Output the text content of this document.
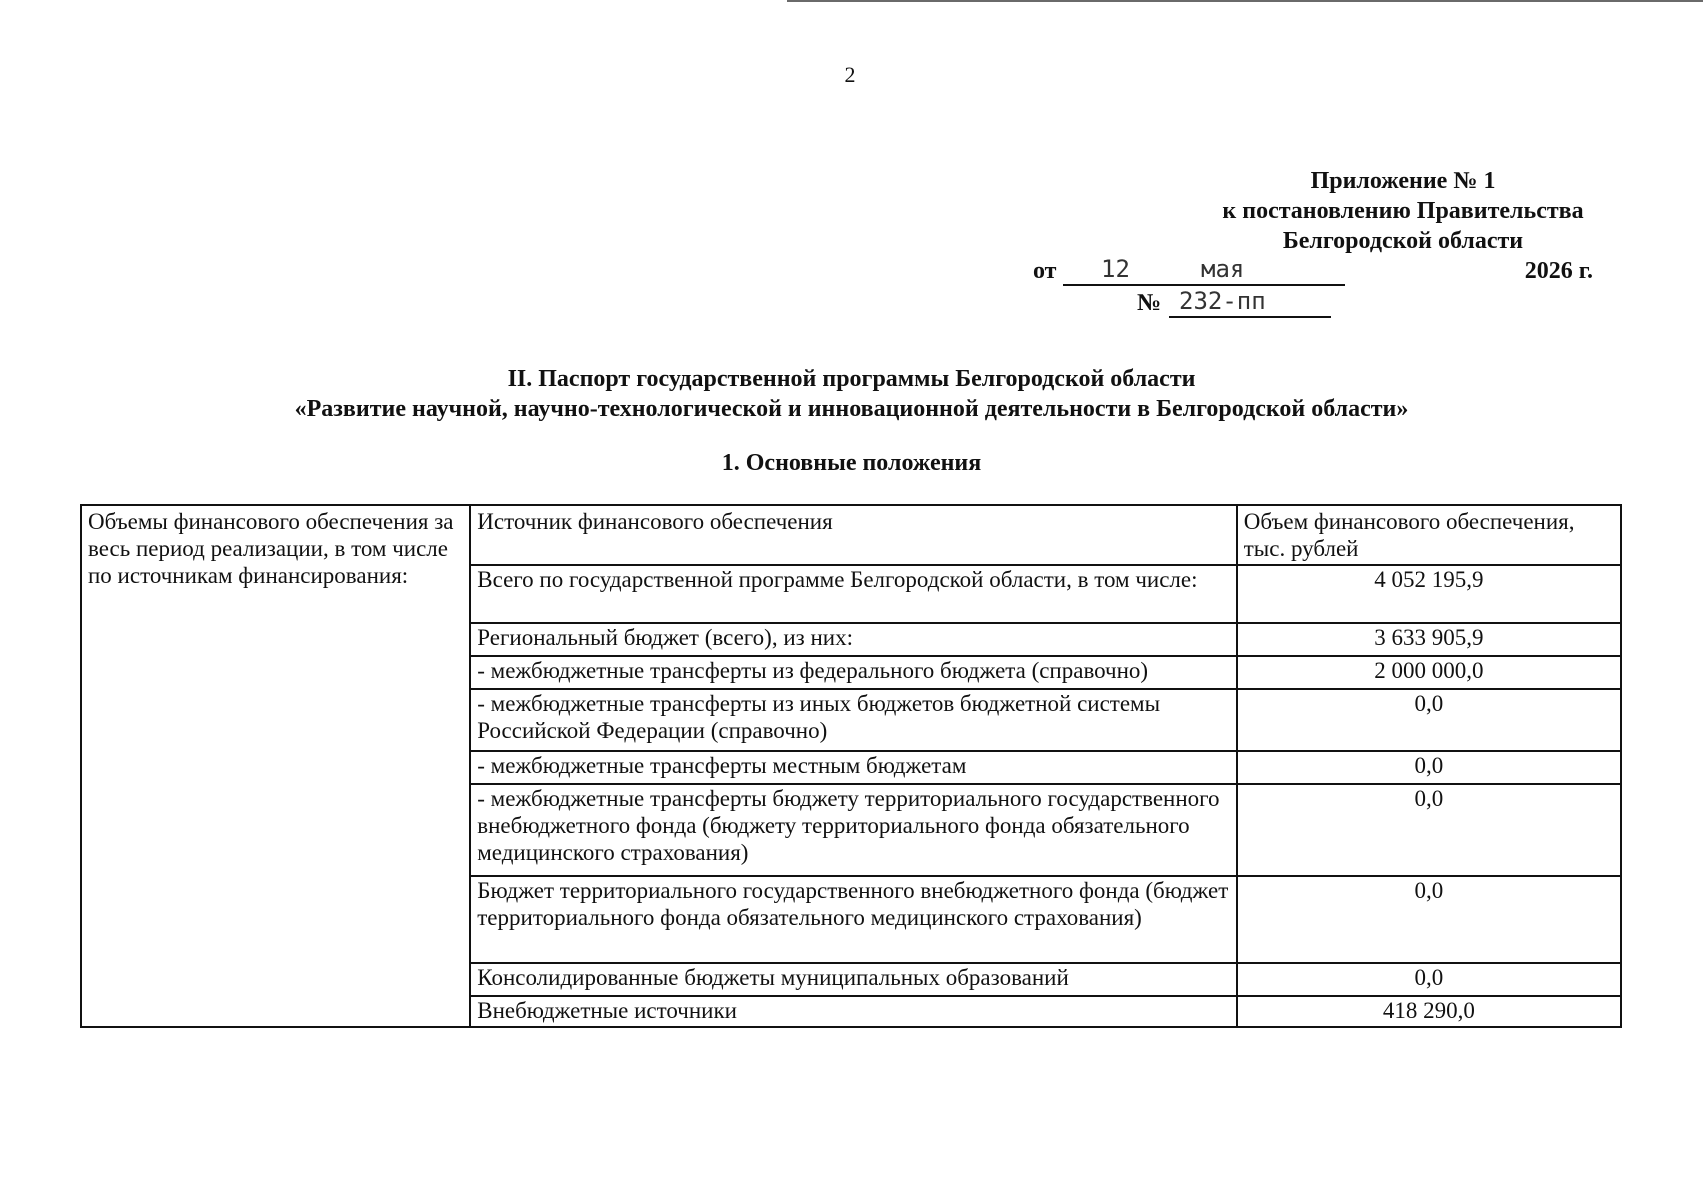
2
Приложение № 1
к постановлению Правительства
Белгородской области
от 12	мая	2026 г.
№ 232-пп
II. Паспорт государственной программы Белгородской области
«Развитие научной, научно-технологической и инновационной деятельности в Белгородской области»
1. Основные положения
Объемы финансового обеспечения за весь период реализации, в том числе по источникам финансирования:	Источник финансового обеспечения	Объем финансового обеспечения, тыс. рублей
	Всего по государственной программе Белгородской области, в том числе:	4 052 195,9
	Региональный бюджет (всего), из них:	3 633 905,9
	- межбюджетные трансферты из федерального бюджета (справочно)	2 000 000,0
	- межбюджетные трансферты из иных бюджетов бюджетной системы Российской Федерации (справочно)	0,0
	- межбюджетные трансферты местным бюджетам	0,0
	- межбюджетные трансферты бюджету территориального государственного внебюджетного фонда (бюджету территориального фонда обязательного медицинского страхования)	0,0
	Бюджет территориального государственного внебюджетного фонда (бюджет территориального фонда обязательного медицинского страхования)	0,0
	Консолидированные бюджеты муниципальных образований	0,0
	Внебюджетные источники	418 290,0
